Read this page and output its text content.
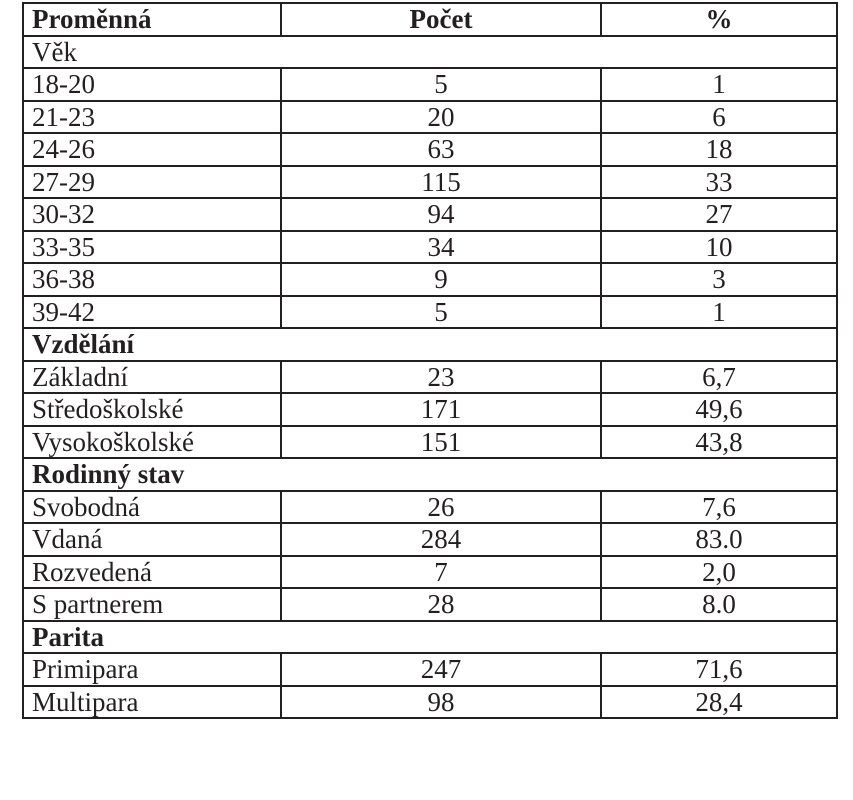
Proměnná	Počet	%
Věk		
18-20	5	1
21-23	20	6
24-26	63	18
27-29	115	33
30-32	94	27
33-35	34	10
36-38	9	3
39-42	5	1
Vzdělání		
Základní	23	6,7
Středoškolské	171	49,6
Vysokoškolské	151	43,8
Rodinný stav		
Svobodná	26	7,6
Vdaná	284	83.0
Rozvedená	7	2,0
S partnerem	28	8.0
Parita		
Primipara	247	71,6
Multipara	98	28,4
